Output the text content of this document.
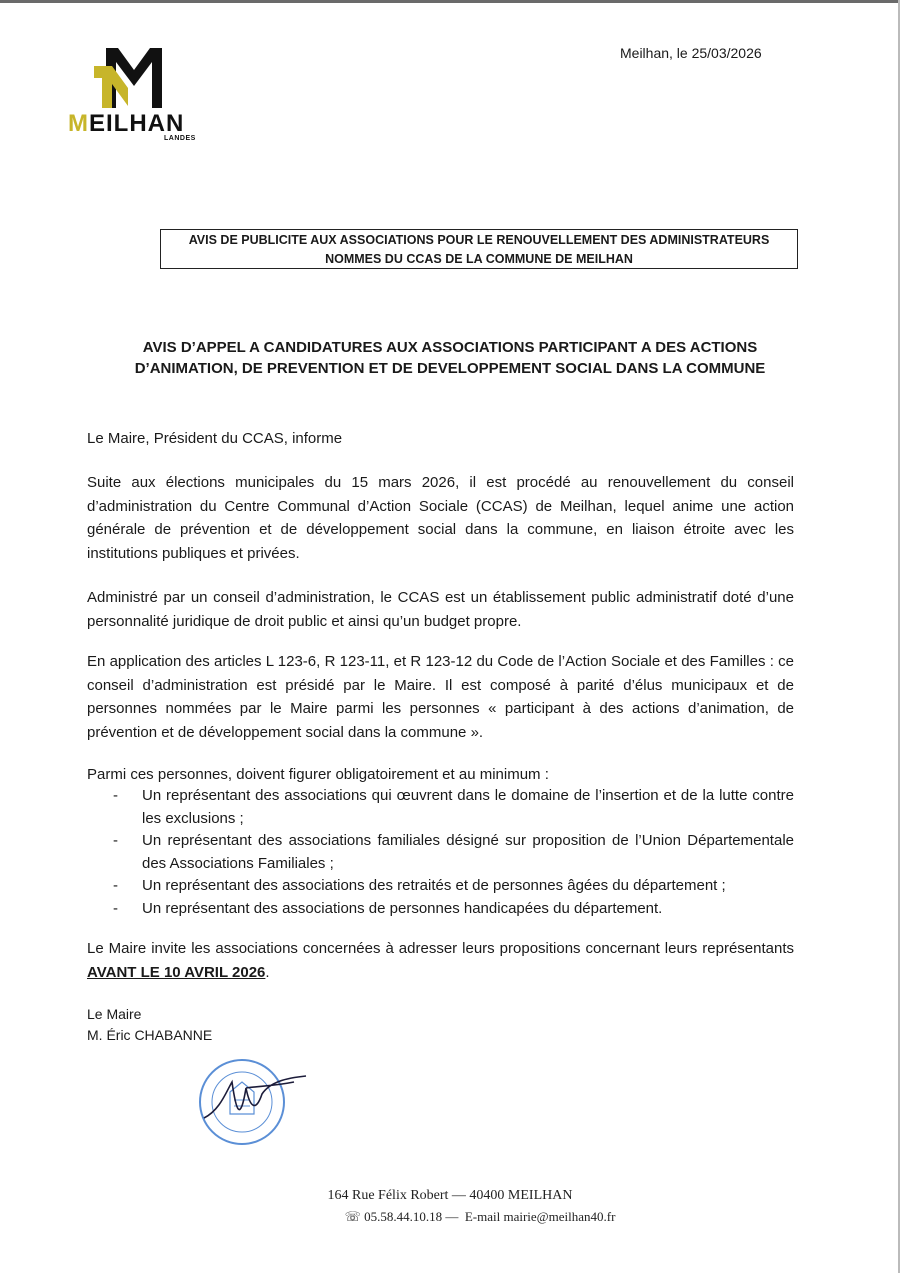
MEILHAN
LANDES
Meilhan, le 25/03/2026
AVIS DE PUBLICITE AUX ASSOCIATIONS POUR LE RENOUVELLEMENT DES ADMINISTRATEURS
NOMMES DU CCAS DE LA COMMUNE DE MEILHAN
AVIS D’APPEL A CANDIDATURES AUX ASSOCIATIONS PARTICIPANT A DES ACTIONS
D’ANIMATION, DE PREVENTION ET DE DEVELOPPEMENT SOCIAL DANS LA COMMUNE
Le Maire, Président du CCAS, informe
Suite aux élections municipales du 15 mars 2026, il est procédé au renouvellement du conseil d’administration du Centre Communal d’Action Sociale (CCAS) de Meilhan, lequel anime une action générale de prévention et de développement social dans la commune, en liaison étroite avec les institutions publiques et privées.
Administré par un conseil d’administration, le CCAS est un établissement public administratif doté d’une personnalité juridique de droit public et ainsi qu’un budget propre.
En application des articles L 123-6, R 123-11, et R 123-12 du Code de l’Action Sociale et des Familles : ce conseil d’administration est présidé par le Maire. Il est composé à parité d’élus municipaux et de personnes nommées par le Maire parmi les personnes « participant à des actions d’animation, de prévention et de développement social dans la commune ».
Parmi ces personnes, doivent figurer obligatoirement et au minimum :
- Un représentant des associations qui œuvrent dans le domaine de l’insertion et de la lutte contre les exclusions ;
- Un représentant des associations familiales désigné sur proposition de l’Union Départementale des Associations Familiales ;
- Un représentant des associations des retraités et de personnes âgées du département ;
- Un représentant des associations de personnes handicapées du département.
Le Maire invite les associations concernées à adresser leurs propositions concernant leurs représentants AVANT LE 10 AVRIL 2026.
Le Maire
M. Éric CHABANNE
164 Rue Félix Robert — 40400 MEILHAN
☏ 05.58.44.10.18 — E-mail mairie@meilhan40.fr
